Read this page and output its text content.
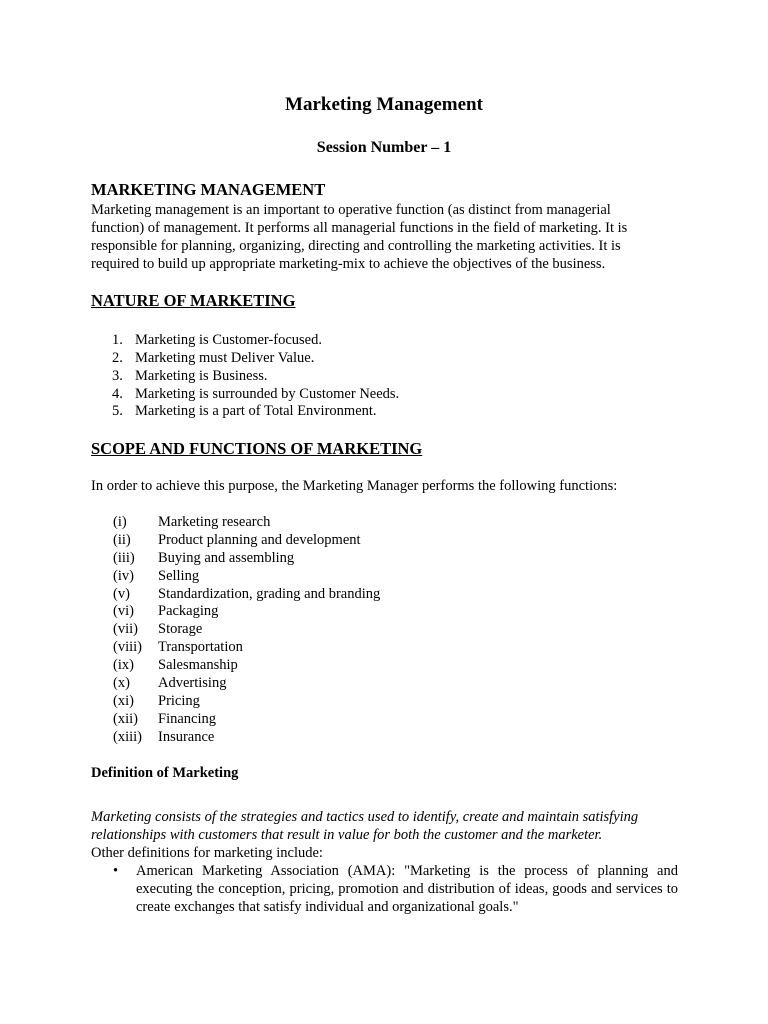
Marketing Management
Session Number – 1
MARKETING MANAGEMENT
Marketing management is an important to operative function (as distinct from managerial
function) of management. It performs all managerial functions in the field of marketing. It is
responsible for planning, organizing, directing and controlling the marketing activities. It is
required to build up appropriate marketing-mix to achieve the objectives of the business.
NATURE OF MARKETING
1. Marketing is Customer-focused.
2. Marketing must Deliver Value.
3. Marketing is Business.
4. Marketing is surrounded by Customer Needs.
5. Marketing is a part of Total Environment.
SCOPE AND FUNCTIONS OF MARKETING
In order to achieve this purpose, the Marketing Manager performs the following functions:
(i) Marketing research
(ii) Product planning and development
(iii) Buying and assembling
(iv) Selling
(v) Standardization, grading and branding
(vi) Packaging
(vii) Storage
(viii) Transportation
(ix) Salesmanship
(x) Advertising
(xi) Pricing
(xii) Financing
(xiii) Insurance
Definition of Marketing
Marketing consists of the strategies and tactics used to identify, create and maintain satisfying
relationships with customers that result in value for both the customer and the marketer.
Other definitions for marketing include:
• American Marketing Association (AMA): "Marketing is the process of planning and executing the conception, pricing, promotion and distribution of ideas, goods and services to create exchanges that satisfy individual and organizational goals."
